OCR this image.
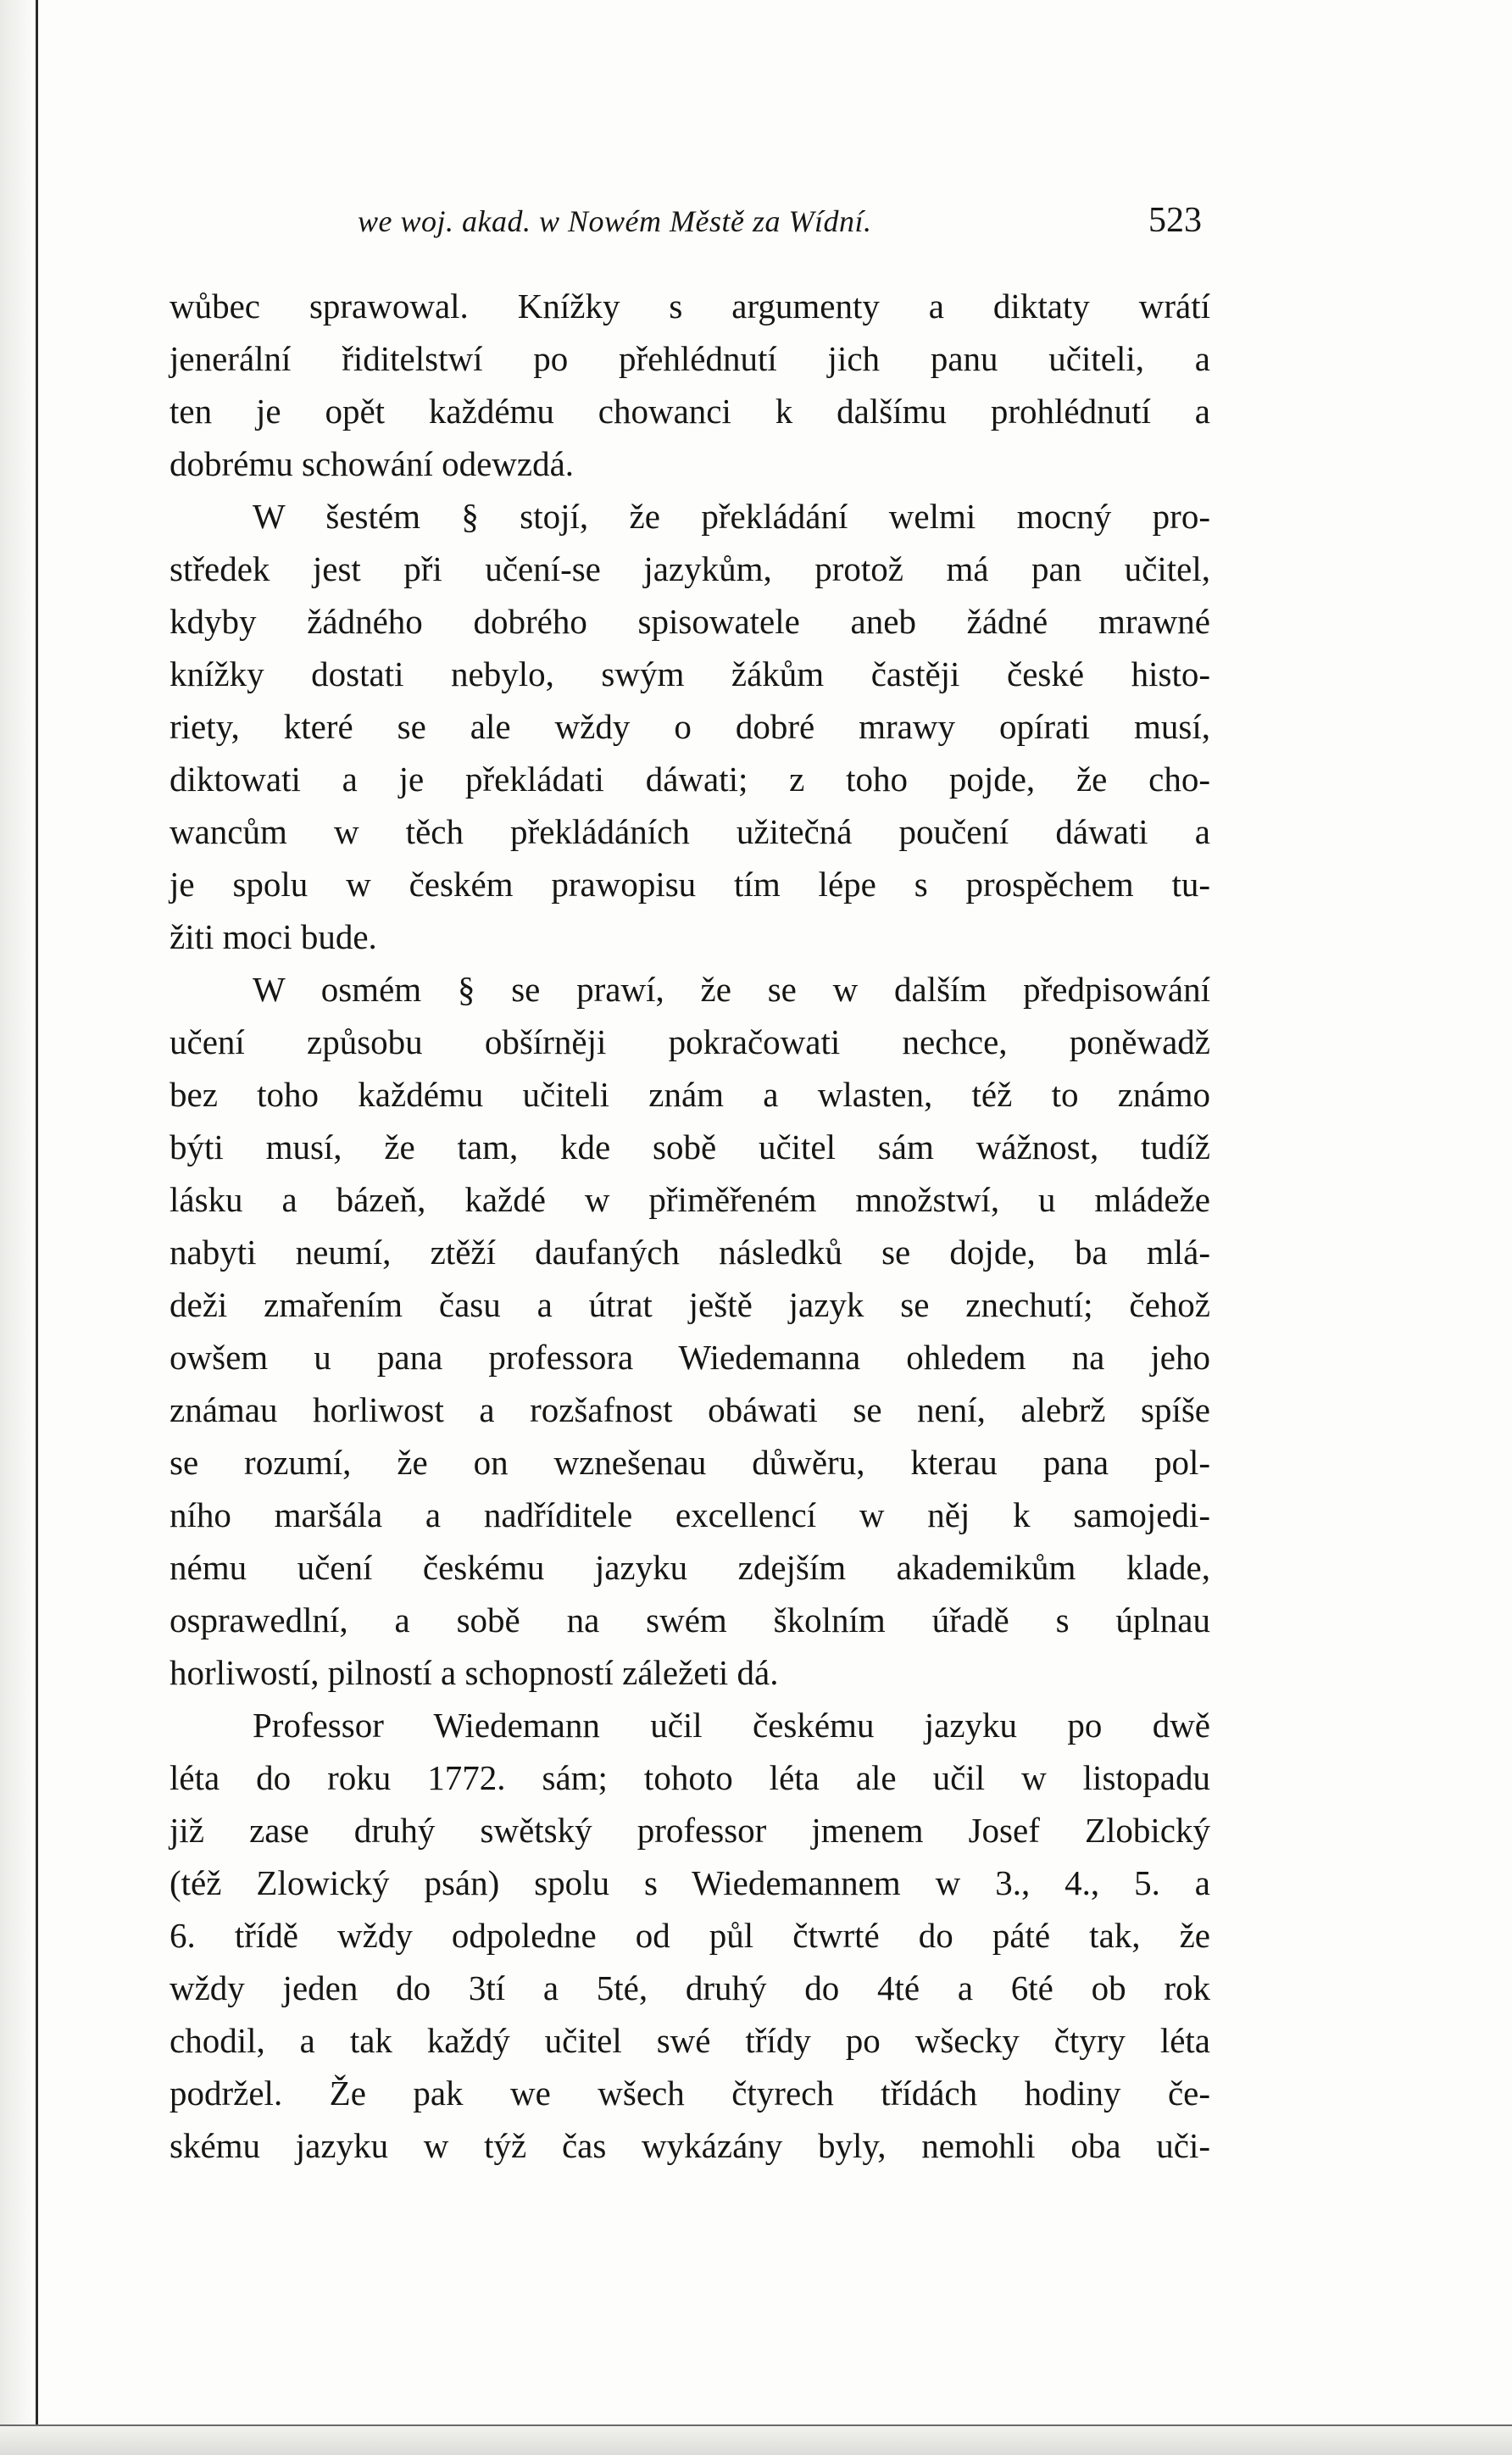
we woj. akad. w Nowém Městě za Wídní.	523
wůbec sprawowal. Knížky s argumenty a diktaty wrátí
jenerální řiditelstwí po přehlédnutí jich panu učiteli, a
ten je opět každému chowanci k dalšímu prohlédnutí a
dobrému schowání odewzdá.
W šestém § stojí, že překládání welmi mocný pro-
středek jest při učení-se jazykům, protož má pan učitel,
kdyby žádného dobrého spisowatele aneb žádné mrawné
knížky dostati nebylo, swým žákům častěji české histo-
riety, které se ale wždy o dobré mrawy opírati musí,
diktowati a je překládati dáwati; z toho pojde, že cho-
wancům w těch překládáních užitečná poučení dáwati a
je spolu w českém prawopisu tím lépe s prospěchem tu-
žiti moci bude.
W osmém § se prawí, že se w dalším předpisowání
učení způsobu obšírněji pokračowati nechce, poněwadž
bez toho každému učiteli znám a wlasten, též to známo
býti musí, že tam, kde sobě učitel sám wážnost, tudíž
lásku a bázeň, každé w přiměřeném množstwí, u mládeže
nabyti neumí, ztěží daufaných následků se dojde, ba mlá-
deži zmařením času a útrat ještě jazyk se znechutí; čehož
owšem u pana professora Wiedemanna ohledem na jeho
známau horliwost a rozšafnost obáwati se není, alebrž spíše
se rozumí, že on wznešenau důwěru, kterau pana pol-
ního maršála a nadříditele excellencí w něj k samojedi-
nému učení českému jazyku zdejším akademikům klade,
osprawedlní, a sobě na swém školním úřadě s úplnau
horliwostí, pilností a schopností záležeti dá.
Professor Wiedemann učil českému jazyku po dwě
léta do roku 1772. sám; tohoto léta ale učil w listopadu
již zase druhý swětský professor jmenem Josef Zlobický
(též Zlowický psán) spolu s Wiedemannem w 3., 4., 5. a
6. třídě wždy odpoledne od půl čtwrté do páté tak, že
wždy jeden do 3tí a 5té, druhý do 4té a 6té ob rok
chodil, a tak každý učitel swé třídy po wšecky čtyry léta
podržel. Že pak we wšech čtyrech třídách hodiny če-
skému jazyku w týž čas wykázány byly, nemohli oba uči-
